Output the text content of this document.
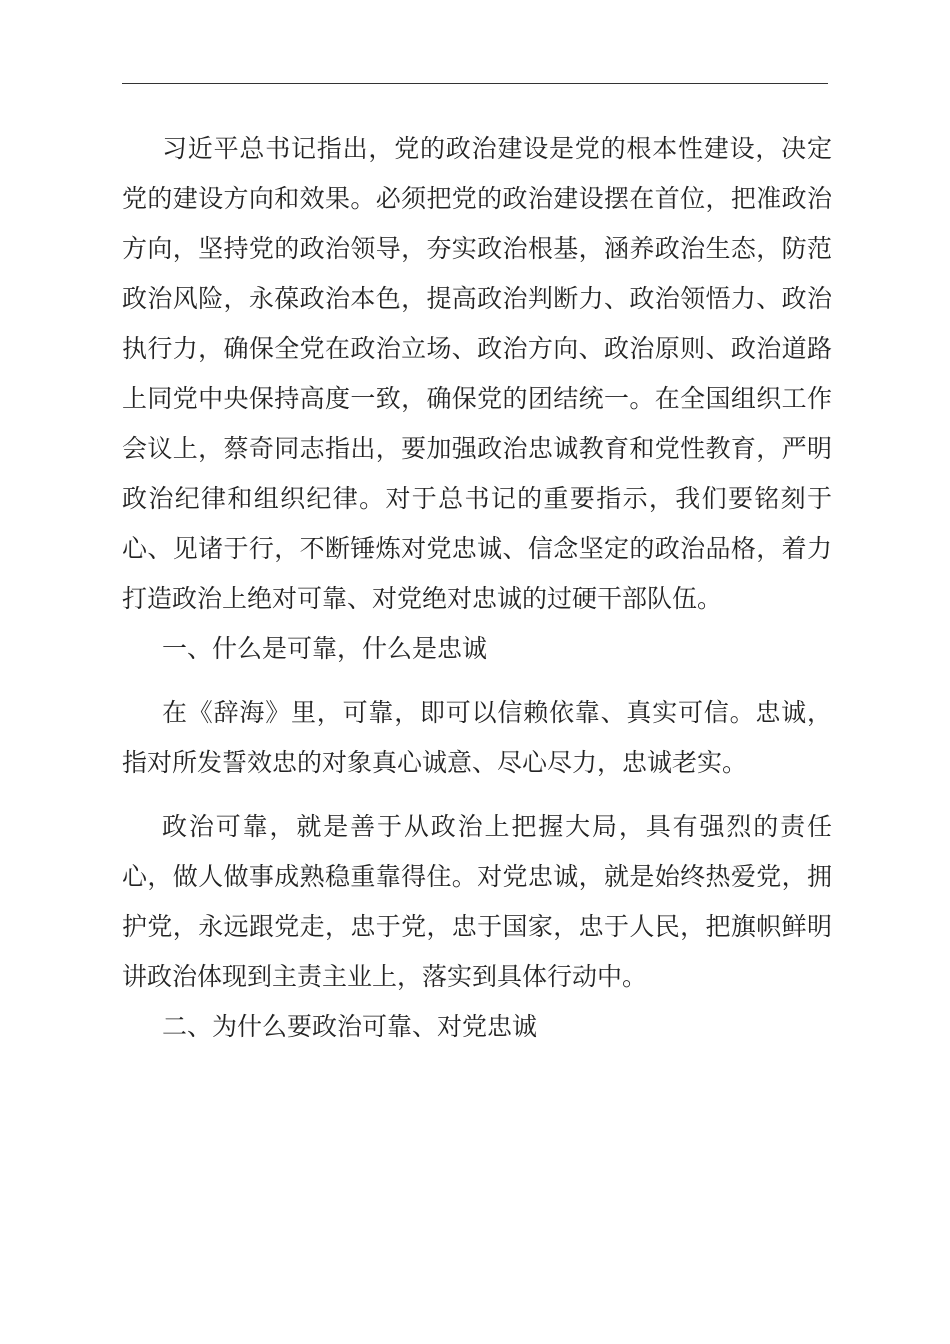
习近平总书记指出，党的政治建设是党的根本性建设，决定党的建设方向和效果。必须把党的政治建设摆在首位，把准政治方向，坚持党的政治领导，夯实政治根基，涵养政治生态，防范政治风险，永葆政治本色，提高政治判断力、政治领悟力、政治执行力，确保全党在政治立场、政治方向、政治原则、政治道路上同党中央保持高度一致，确保党的团结统一。在全国组织工作会议上，蔡奇同志指出，要加强政治忠诚教育和党性教育，严明政治纪律和组织纪律。对于总书记的重要指示，我们要铭刻于心、见诸于行，不断锤炼对党忠诚、信念坚定的政治品格，着力打造政治上绝对可靠、对党绝对忠诚的过硬干部队伍。

一、什么是可靠，什么是忠诚

在《辞海》里，可靠，即可以信赖依靠、真实可信。忠诚，指对所发誓效忠的对象真心诚意、尽心尽力，忠诚老实。

政治可靠，就是善于从政治上把握大局，具有强烈的责任心，做人做事成熟稳重靠得住。对党忠诚，就是始终热爱党，拥护党，永远跟党走，忠于党，忠于国家，忠于人民，把旗帜鲜明讲政治体现到主责主业上，落实到具体行动中。

二、为什么要政治可靠、对党忠诚
